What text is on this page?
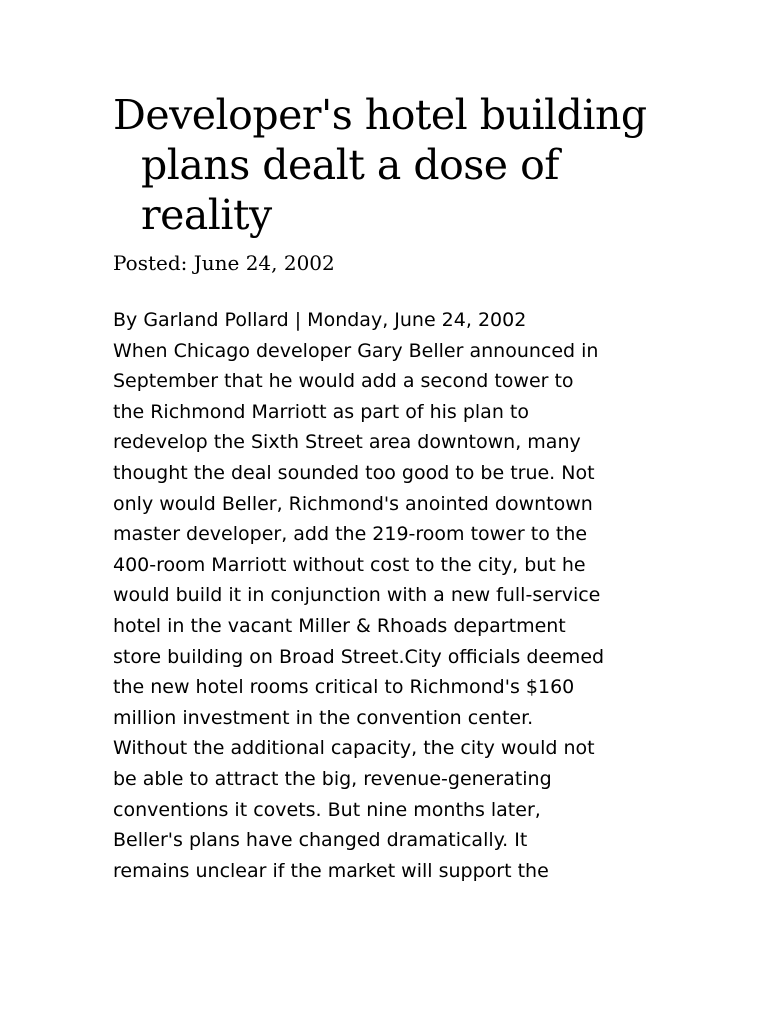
Developer's hotel building plans dealt a dose of reality
Posted: June 24, 2002
By Garland Pollard | Monday, June 24, 2002
When Chicago developer Gary Beller announced in
September that he would add a second tower to
the Richmond Marriott as part of his plan to
redevelop the Sixth Street area downtown, many
thought the deal sounded too good to be true. Not
only would Beller, Richmond's anointed downtown
master developer, add the 219-room tower to the
400-room Marriott without cost to the city, but he
would build it in conjunction with a new full-service
hotel in the vacant Miller & Rhoads department
store building on Broad Street.City officials deemed
the new hotel rooms critical to Richmond's $160
million investment in the convention center.
Without the additional capacity, the city would not
be able to attract the big, revenue-generating
conventions it covets. But nine months later,
Beller's plans have changed dramatically. It
remains unclear if the market will support the
